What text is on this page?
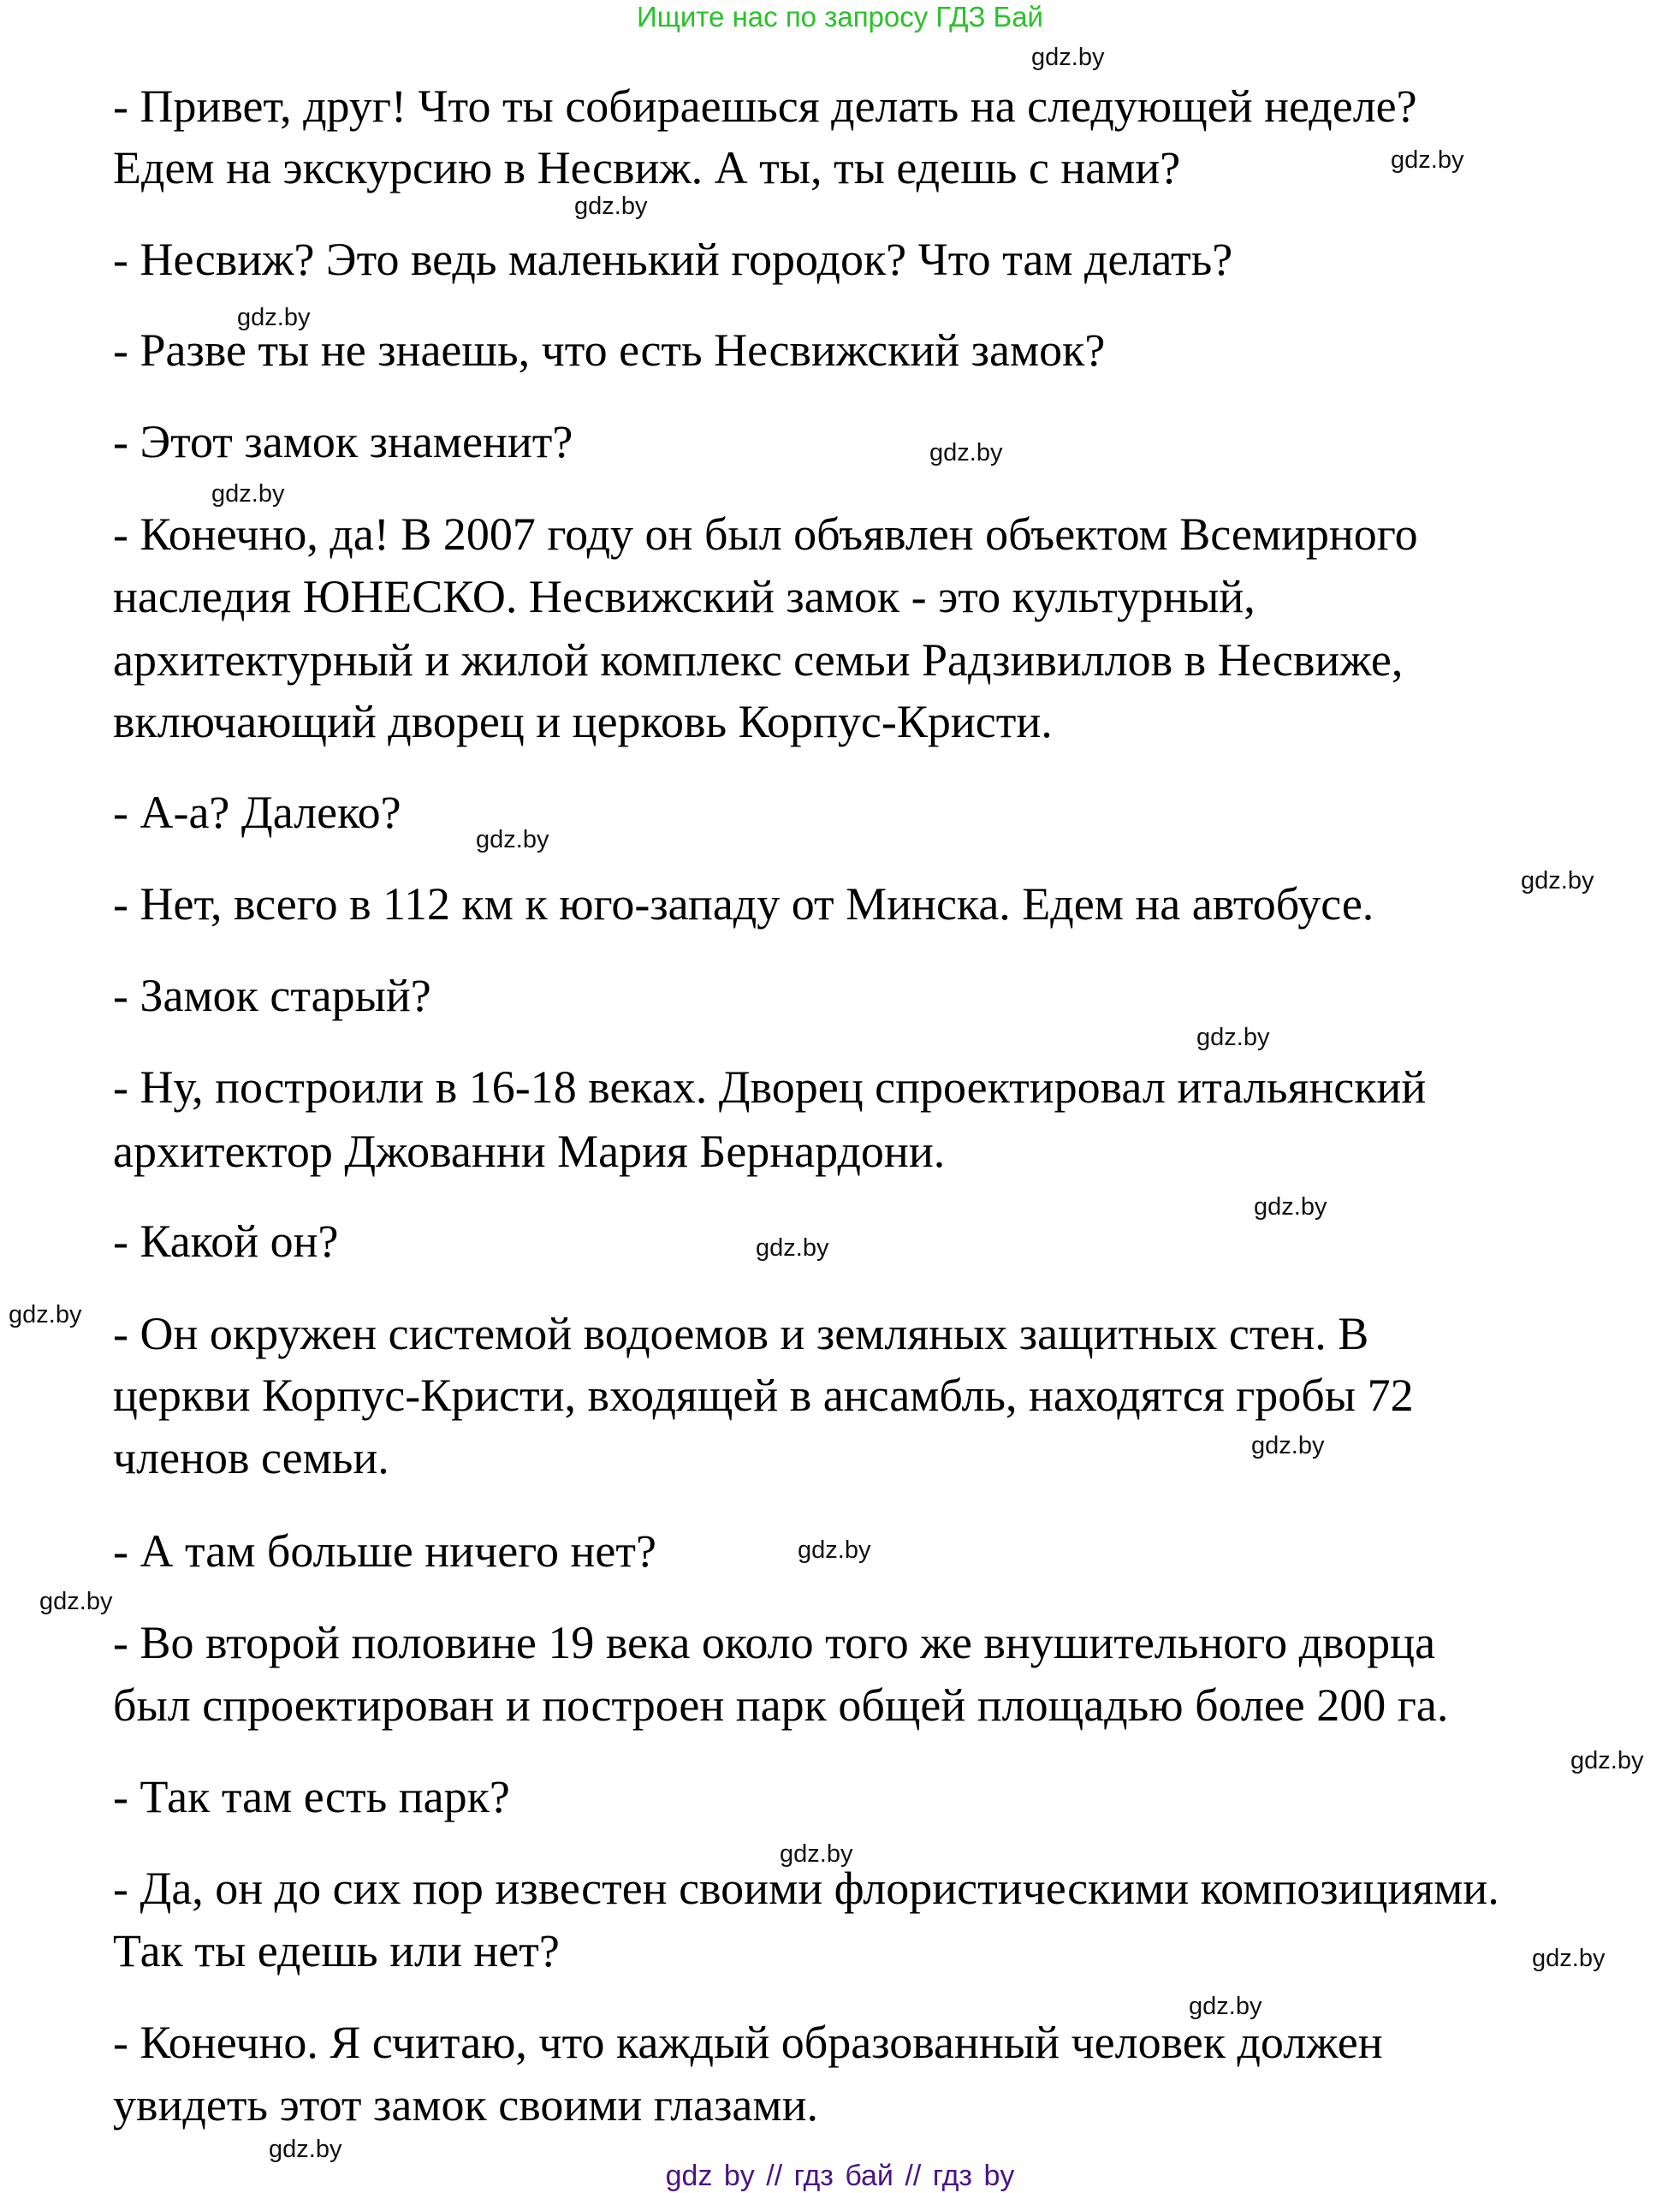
Ищите нас по запросу ГДЗ Бай
gdz.by
gdz.by
gdz.by
gdz.by
gdz.by
gdz.by
gdz.by
gdz.by
gdz.by
gdz.by
gdz.by
gdz.by
gdz.by
gdz.by
gdz.by
gdz.by
gdz.by
gdz.by
gdz.by
gdz.by
- Привет, друг! Что ты собираешься делать на следующей неделе?
Едем на экскурсию в Несвиж. А ты, ты едешь с нами?
- Несвиж? Это ведь маленький городок? Что там делать?
- Разве ты не знаешь, что есть Несвижский замок?
- Этот замок знаменит?
- Конечно, да! В 2007 году он был объявлен объектом Всемирного
наследия ЮНЕСКО. Несвижский замок - это культурный,
архитектурный и жилой комплекс семьи Радзивиллов в Несвиже,
включающий дворец и церковь Корпус-Кристи.
- А-а? Далеко?
- Нет, всего в 112 км к юго-западу от Минска. Едем на автобусе.
- Замок старый?
- Ну, построили в 16-18 веках. Дворец спроектировал итальянский
архитектор Джованни Мария Бернардони.
- Какой он?
- Он окружен системой водоемов и земляных защитных стен. В
церкви Корпус-Кристи, входящей в ансамбль, находятся гробы 72
членов семьи.
- А там больше ничего нет?
- Во второй половине 19 века около того же внушительного дворца
был спроектирован и построен парк общей площадью более 200 га.
- Так там есть парк?
- Да, он до сих пор известен своими флористическими композициями.
Так ты едешь или нет?
- Конечно. Я считаю, что каждый образованный человек должен
увидеть этот замок своими глазами.
gdz by // гдз бай // гдз by
